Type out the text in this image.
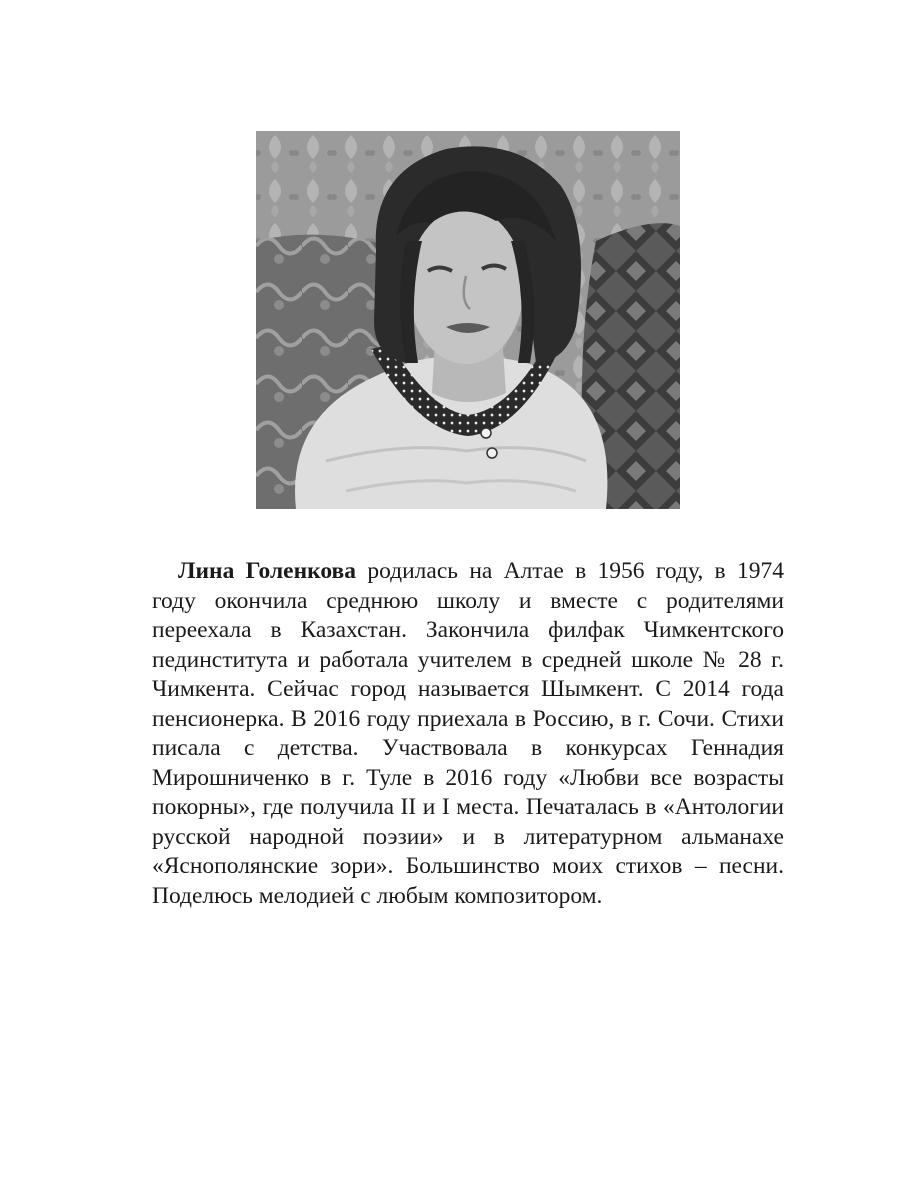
Лина Голенкова родилась на Алтае в 1956 году, в 1974 году окончила среднюю школу и вместе с родителями переехала в Казахстан. Закончила филфак Чимкентского пединститута и работала учителем в средней школе № 28 г. Чимкента. Сейчас город называется Шымкент. С 2014 года пенсионерка. В 2016 году приехала в Россию, в г. Сочи. Стихи писала с детства. Участвовала в конкурсах Геннадия Мирошниченко в г. Туле в 2016 году «Любви все возрасты покорны», где получила II и I места. Печаталась в «Антологии русской народной поэзии» и в литературном альманахе «Яснополянские зори». Большинство моих стихов – песни. Поделюсь мелодией с любым композитором.
